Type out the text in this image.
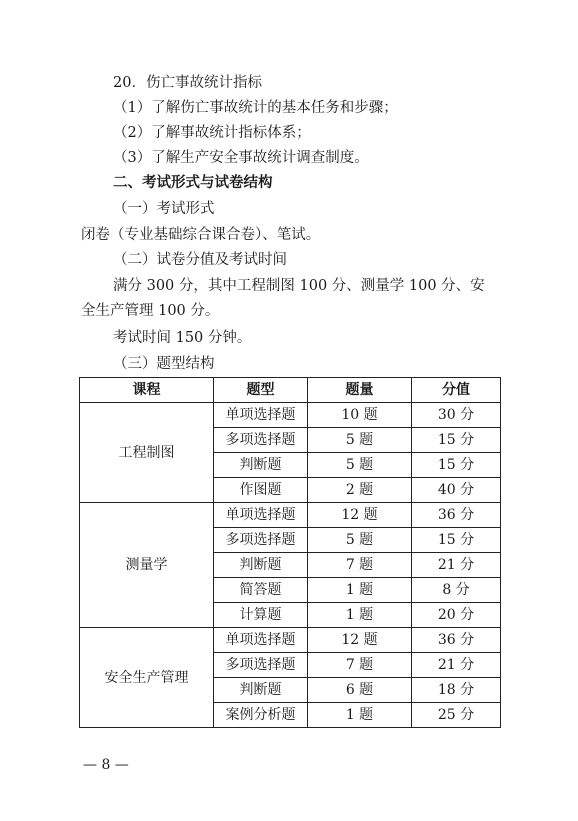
20．伤亡事故统计指标
（1）了解伤亡事故统计的基本任务和步骤；
（2）了解事故统计指标体系；
（3）了解生产安全事故统计调查制度。
二、考试形式与试卷结构
（一）考试形式
闭卷（专业基础综合课合卷）、笔试。
（二）试卷分值及考试时间
满分 300 分，其中工程制图 100 分、测量学 100 分、安
全生产管理 100 分。
考试时间 150 分钟。
（三）题型结构
课程	题型	题量	分值
工程制图	单项选择题	10 题	30 分
	多项选择题	5 题	15 分
	判断题	5 题	15 分
	作图题	2 题	40 分
测量学	单项选择题	12 题	36 分
	多项选择题	5 题	15 分
	判断题	7 题	21 分
	简答题	1 题	8 分
	计算题	1 题	20 分
安全生产管理	单项选择题	12 题	36 分
	多项选择题	7 题	21 分
	判断题	6 题	18 分
	案例分析题	1 题	25 分
— 8 —
